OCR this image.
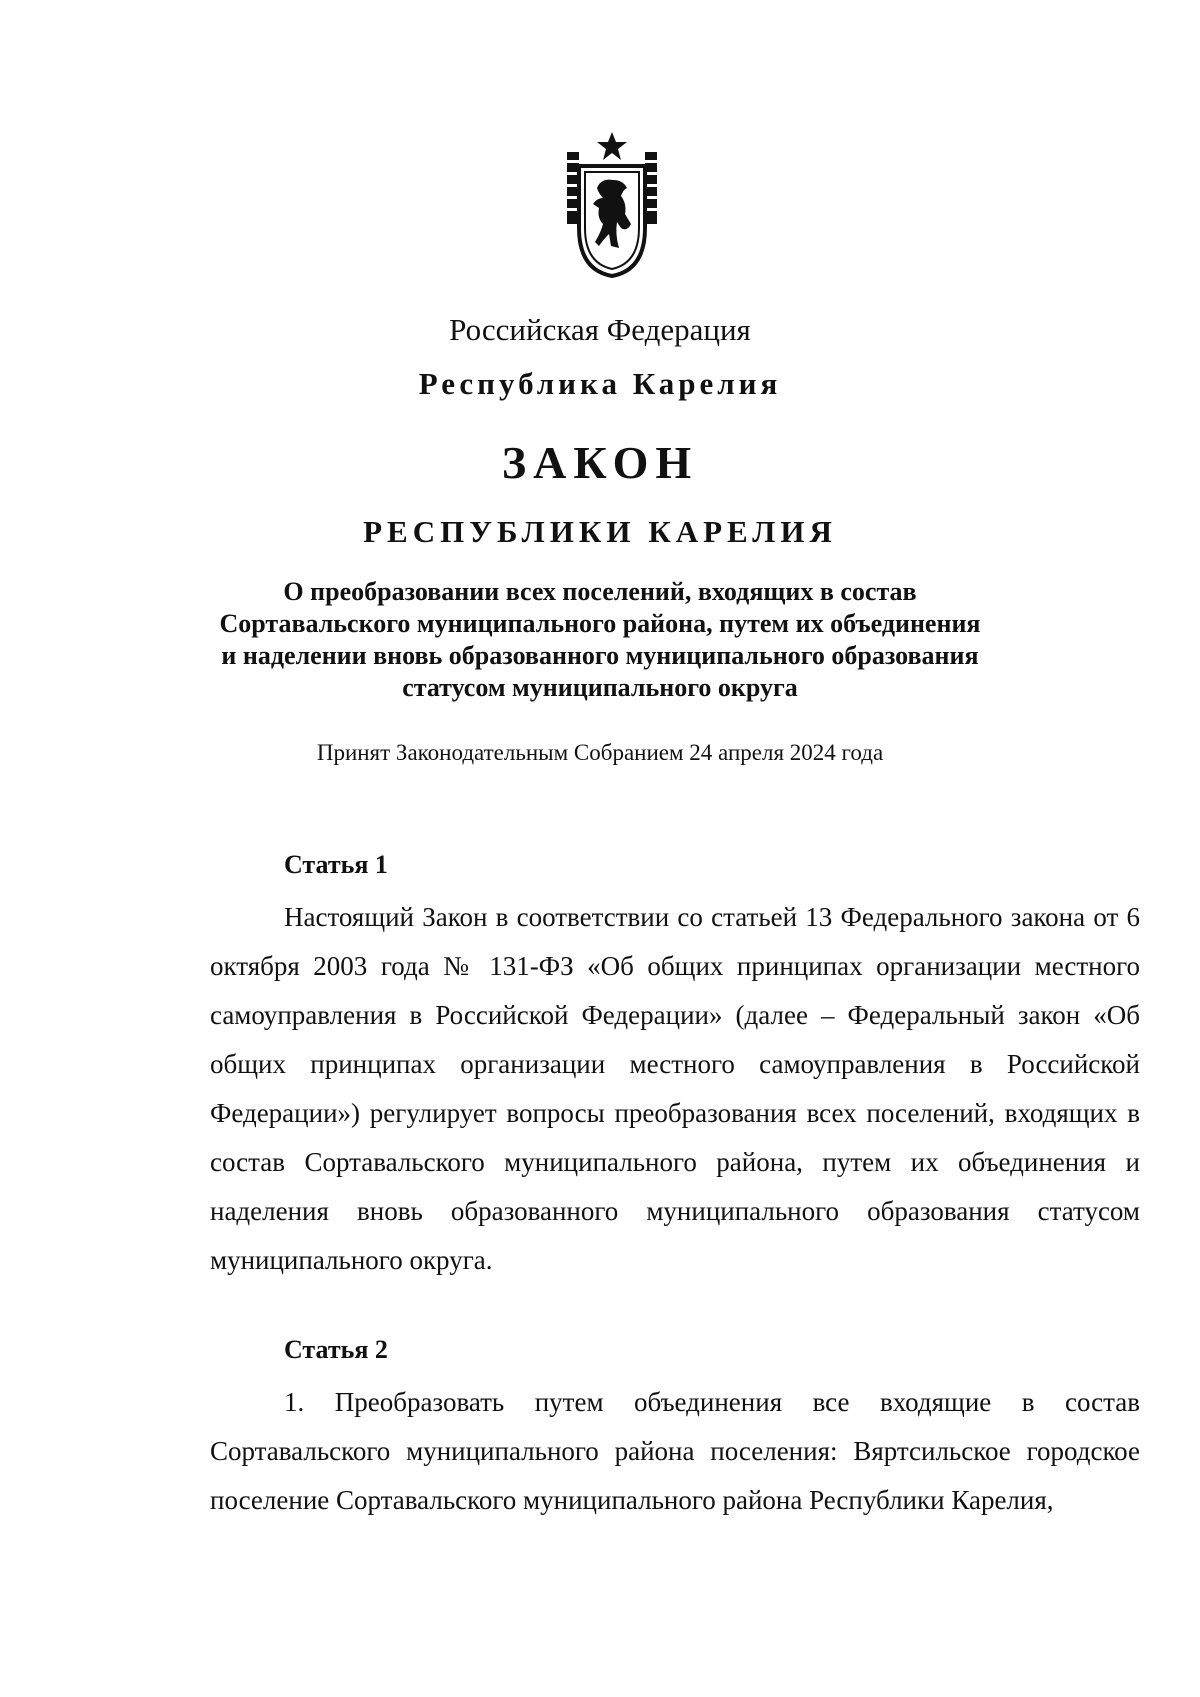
Российская Федерация

Республика Карелия

ЗАКОН

РЕСПУБЛИКИ КАРЕЛИЯ

О преобразовании всех поселений, входящих в состав
Сортавальского муниципального района, путем их объединения
и наделении вновь образованного муниципального образования
статусом муниципального округа

Принят Законодательным Собранием 24 апреля 2024 года

Статья 1

Настоящий Закон в соответствии со статьей 13 Федерального закона от 6 октября 2003 года № 131-ФЗ «Об общих принципах организации местного самоуправления в Российской Федерации» (далее – Федеральный закон «Об общих принципах организации местного самоуправления в Российской Федерации») регулирует вопросы преобразования всех поселений, входящих в состав Сортавальского муниципального района, путем их объединения и наделения вновь образованного муниципального образования статусом муниципального округа.

Статья 2

1. Преобразовать путем объединения все входящие в состав Сортавальского муниципального района поселения: Вяртсильское городское поселение Сортавальского муниципального района Республики Карелия,
